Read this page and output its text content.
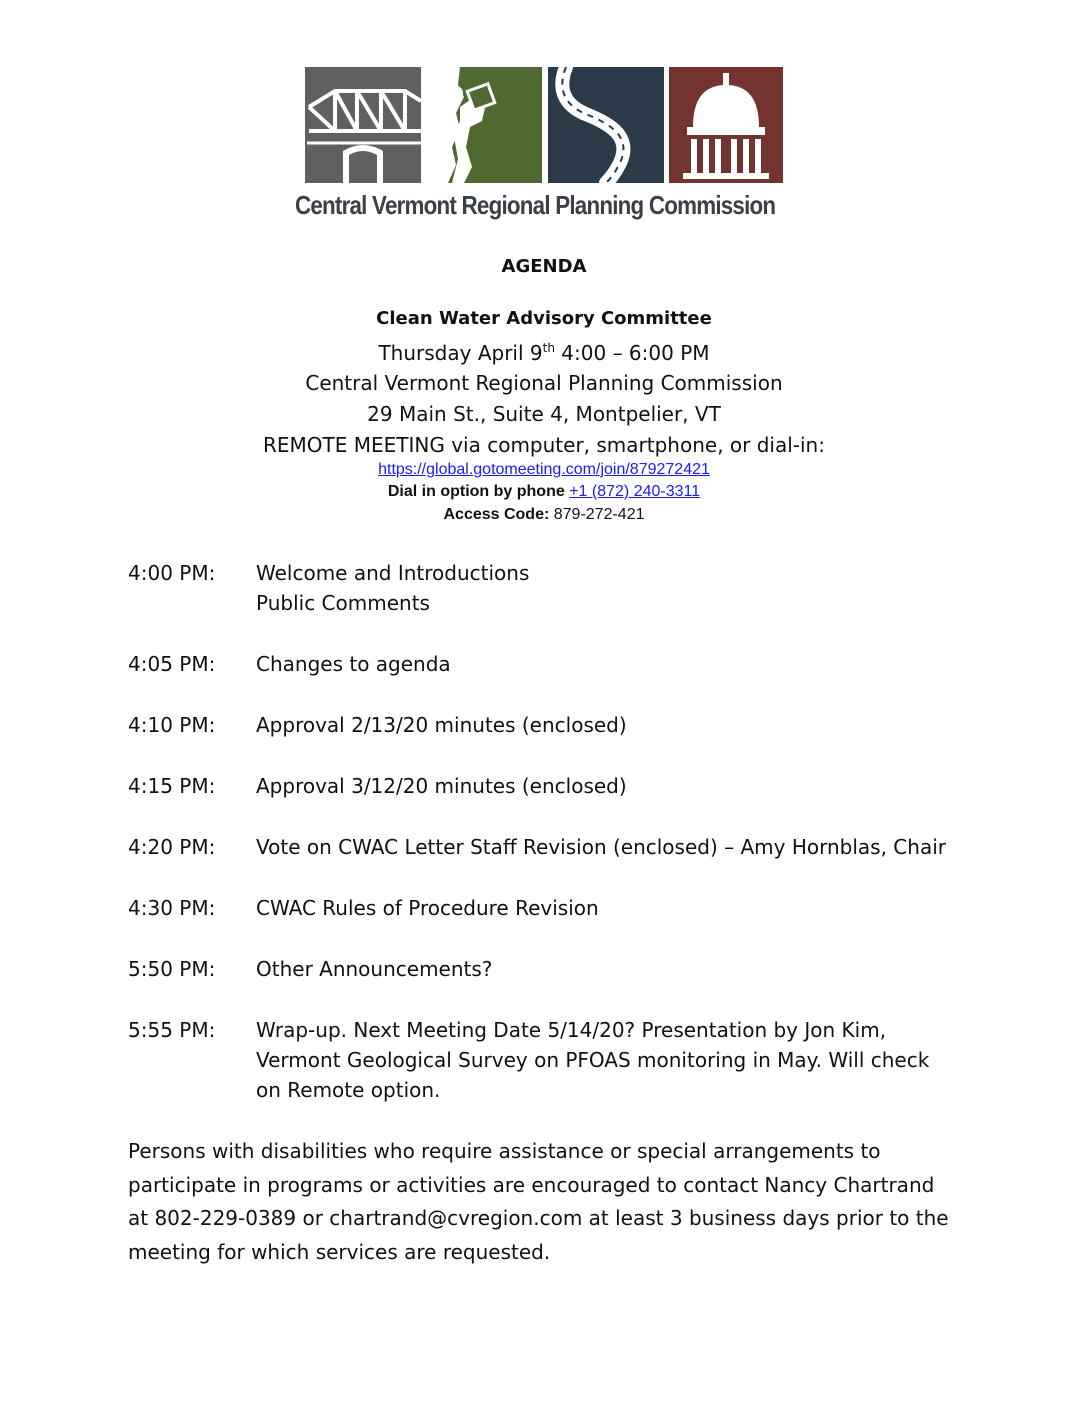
Central Vermont Regional Planning Commission
AGENDA
Clean Water Advisory Committee
Thursday April 9th 4:00 – 6:00 PM
Central Vermont Regional Planning Commission
29 Main St., Suite 4, Montpelier, VT
REMOTE MEETING via computer, smartphone, or dial-in:
https://global.gotomeeting.com/join/879272421
Dial in option by phone +1 (872) 240-3311
Access Code: 879-272-421
4:00 PM:	Welcome and Introductions
Public Comments
4:05 PM:	Changes to agenda
4:10 PM:	Approval 2/13/20 minutes (enclosed)
4:15 PM:	Approval 3/12/20 minutes (enclosed)
4:20 PM:	Vote on CWAC Letter Staff Revision (enclosed) – Amy Hornblas, Chair
4:30 PM:	CWAC Rules of Procedure Revision
5:50 PM:	Other Announcements?
5:55 PM:	Wrap-up. Next Meeting Date 5/14/20? Presentation by Jon Kim,
Vermont Geological Survey on PFOAS monitoring in May. Will check
on Remote option.
Persons with disabilities who require assistance or special arrangements to
participate in programs or activities are encouraged to contact Nancy Chartrand
at 802-229-0389 or chartrand@cvregion.com at least 3 business days prior to the
meeting for which services are requested.
